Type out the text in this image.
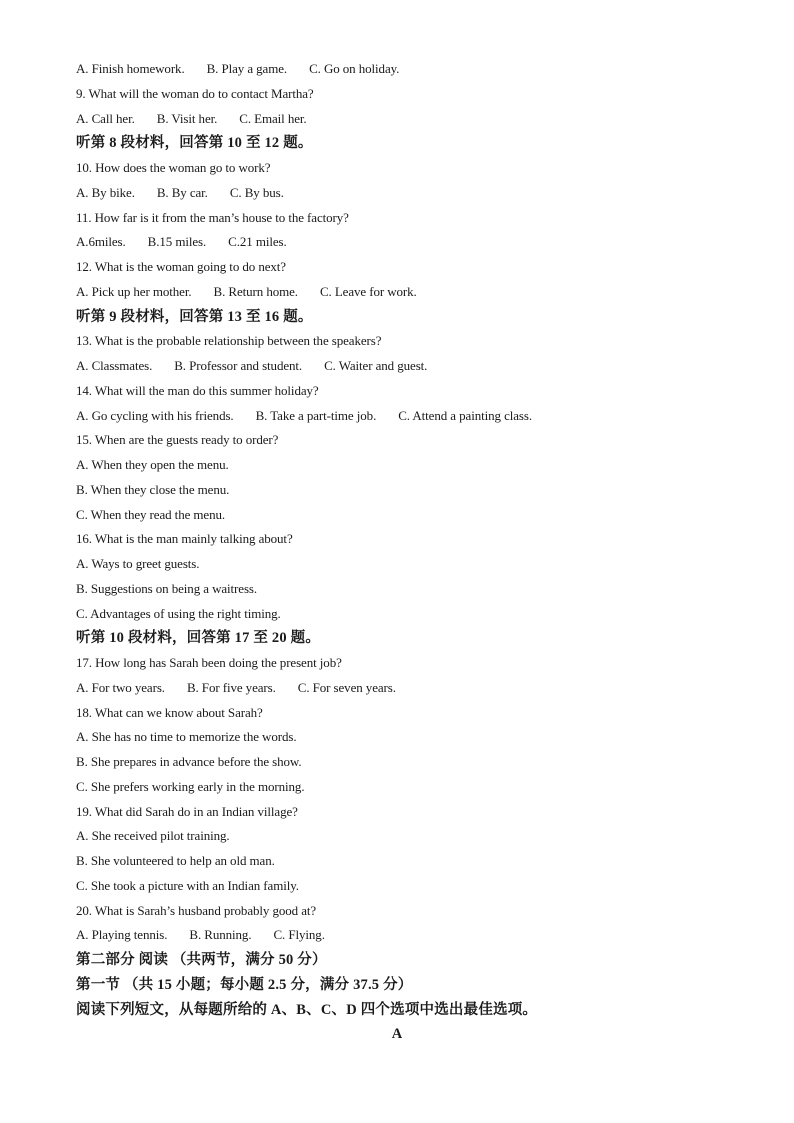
A. Finish homework. B. Play a game. C. Go on holiday.
9. What will the woman do to contact Martha?
A. Call her. B. Visit her. C. Email her.
听第 8 段材料，回答第 10 至 12 题。
10. How does the woman go to work?
A. By bike. B. By car. C. By bus.
11. How far is it from the man’s house to the factory?
A.6miles. B.15 miles. C.21 miles.
12. What is the woman going to do next?
A. Pick up her mother. B. Return home. C. Leave for work.
听第 9 段材料，回答第 13 至 16 题。
13. What is the probable relationship between the speakers?
A. Classmates. B. Professor and student. C. Waiter and guest.
14. What will the man do this summer holiday?
A. Go cycling with his friends. B. Take a part-time job. C. Attend a painting class.
15. When are the guests ready to order?
A. When they open the menu.
B. When they close the menu.
C. When they read the menu.
16. What is the man mainly talking about?
A. Ways to greet guests.
B. Suggestions on being a waitress.
C. Advantages of using the right timing.
听第 10 段材料，回答第 17 至 20 题。
17. How long has Sarah been doing the present job?
A. For two years. B. For five years. C. For seven years.
18. What can we know about Sarah?
A. She has no time to memorize the words.
B. She prepares in advance before the show.
C. She prefers working early in the morning.
19. What did Sarah do in an Indian village?
A. She received pilot training.
B. She volunteered to help an old man.
C. She took a picture with an Indian family.
20. What is Sarah’s husband probably good at?
A. Playing tennis. B. Running. C. Flying.
第二部分 阅读 （共两节，满分 50 分）
第一节 （共 15 小题；每小题 2.5 分，满分 37.5 分）
阅读下列短文，从每题所给的 A、B、C、D 四个选项中选出最佳选项。
A
